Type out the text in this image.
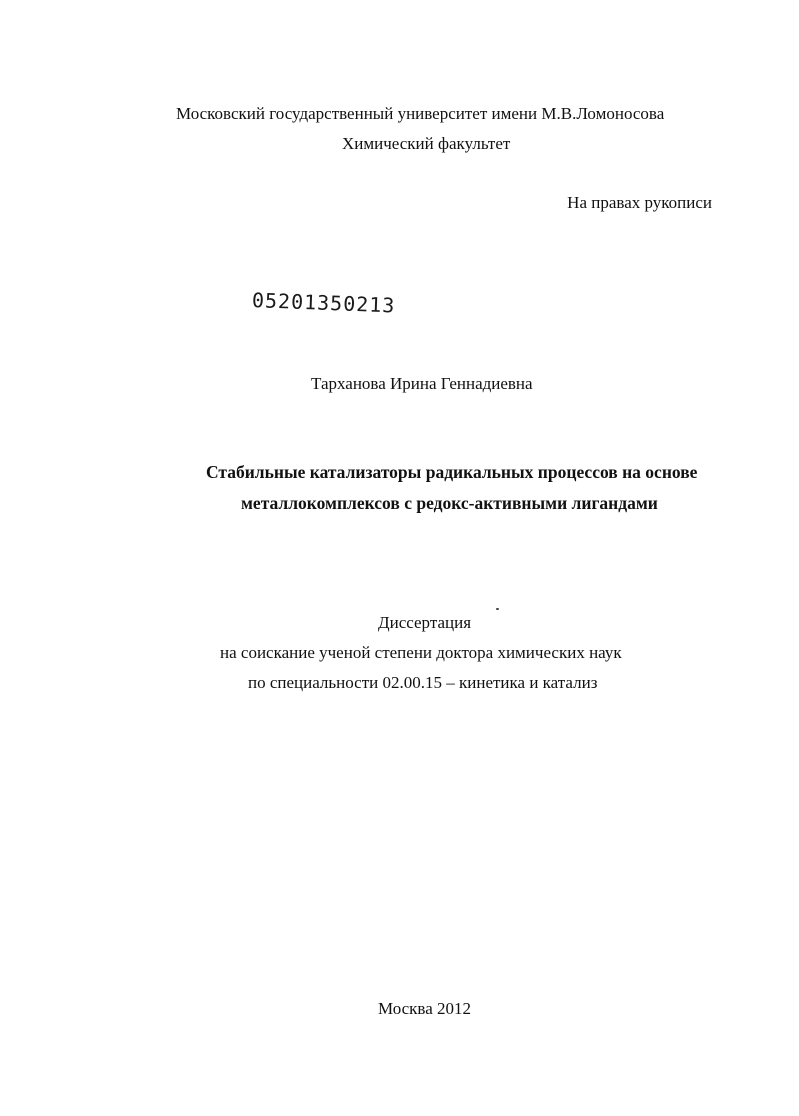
Московский государственный университет имени М.В.Ломоносова
Химический факультет
На правах рукописи
05201350213
Тарханова Ирина Геннадиевна
Стабильные катализаторы радикальных процессов на основе
металлокомплексов с редокс-активными лигандами
Диссертация
на соискание ученой степени доктора химических наук
по специальности 02.00.15 – кинетика и катализ
Москва 2012
